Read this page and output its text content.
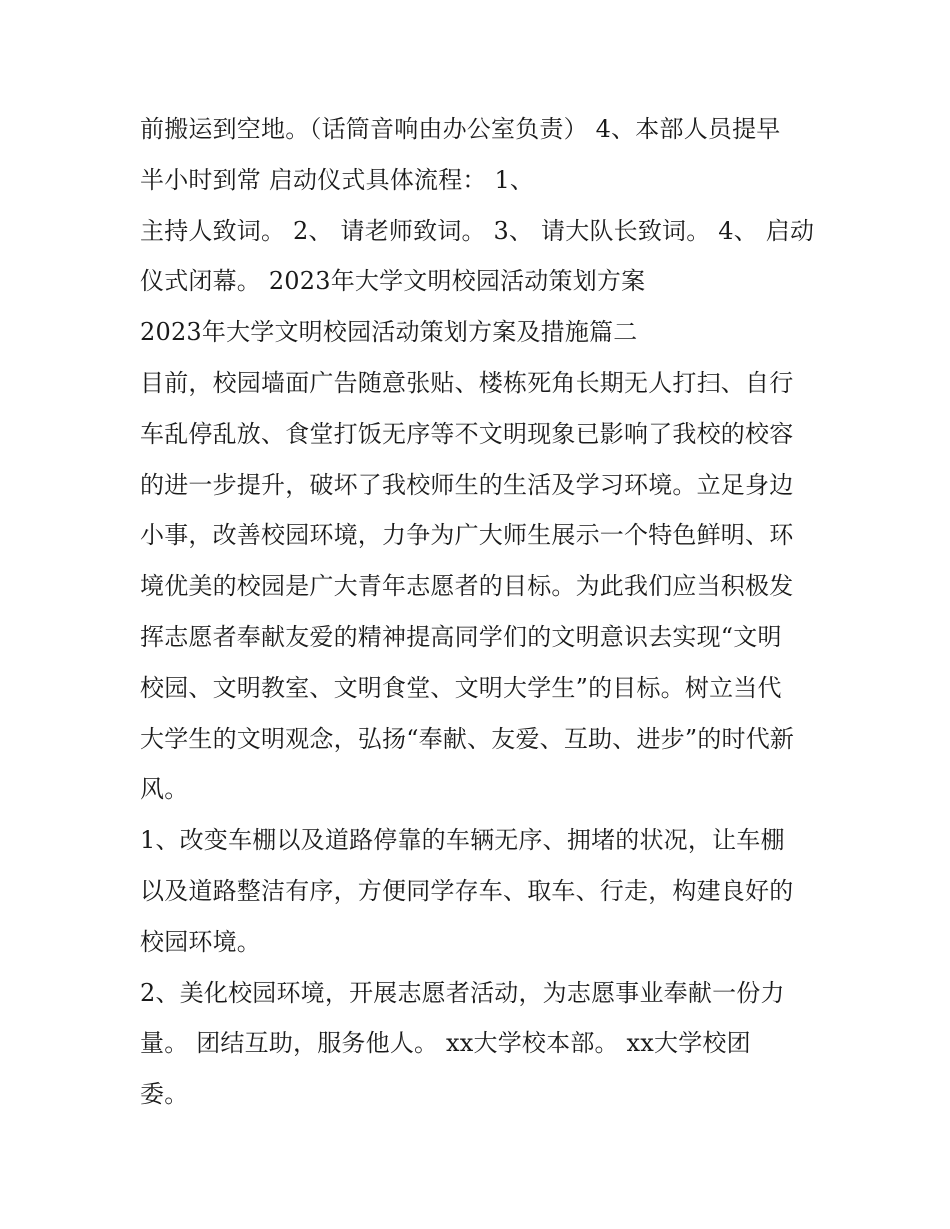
前搬运到空地。（话筒音响由办公室负责） 4、本部人员提早
半小时到常 启动仪式具体流程： 1、
主持人致词。 2、 请老师致词。 3、 请大队长致词。 4、 启动
仪式闭幕。 2023年大学文明校园活动策划方案
2023年大学文明校园活动策划方案及措施篇二
目前，校园墙面广告随意张贴、楼栋死角长期无人打扫、自行
车乱停乱放、食堂打饭无序等不文明现象已影响了我校的校容
的进一步提升，破坏了我校师生的生活及学习环境。立足身边
小事，改善校园环境，力争为广大师生展示一个特色鲜明、环
境优美的校园是广大青年志愿者的目标。为此我们应当积极发
挥志愿者奉献友爱的精神提高同学们的文明意识去实现“文明
校园、文明教室、文明食堂、文明大学生”的目标。树立当代
大学生的文明观念，弘扬“奉献、友爱、互助、进步”的时代新
风。
1、改变车棚以及道路停靠的车辆无序、拥堵的状况，让车棚
以及道路整洁有序，方便同学存车、取车、行走，构建良好的
校园环境。
2、美化校园环境，开展志愿者活动，为志愿事业奉献一份力
量。 团结互助，服务他人。 xx大学校本部。 xx大学校团
委。
